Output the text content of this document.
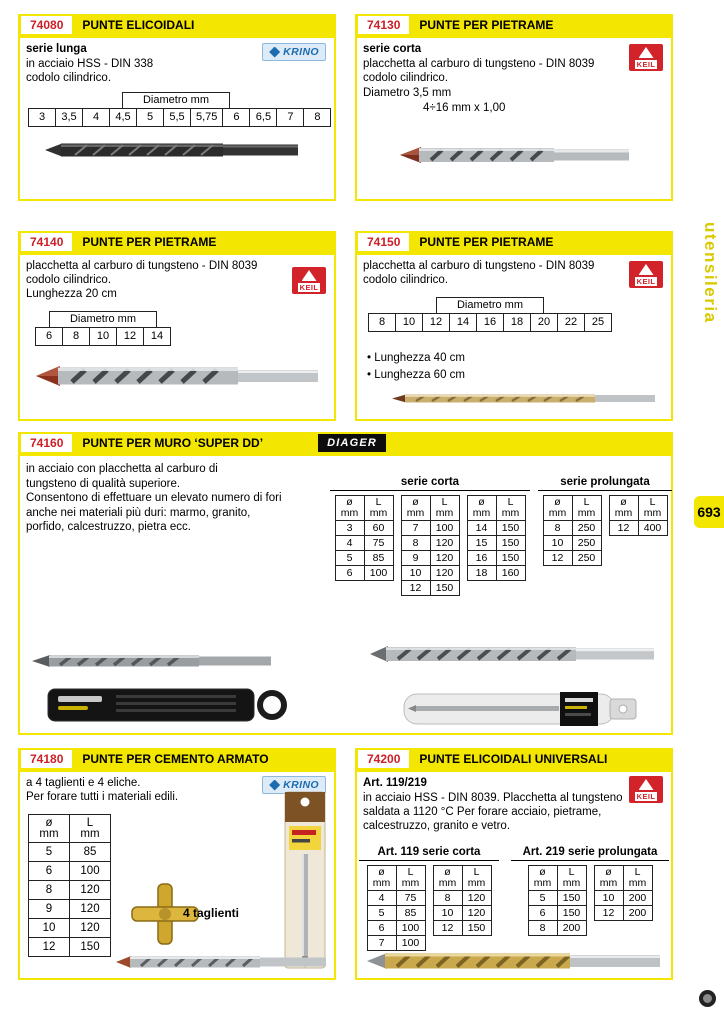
74080	PUNTE ELICOIDALI
serie lunga
in acciaio HSS - DIN 338
codolo cilindrico.
KRINO
Diametro mm
3	3,5	4	4,5	5	5,5	5,75	6	6,5	7	8
74130	PUNTE PER PIETRAME
serie corta
placchetta al carburo di tungsteno - DIN 8039
codolo cilindrico.
Diametro 3,5 mm
4÷16 mm x 1,00
KEIL
74140	PUNTE PER PIETRAME
placchetta al carburo di tungsteno - DIN 8039
codolo cilindrico.
Lunghezza 20 cm
KEIL
Diametro mm
6	8	10	12	14
74150	PUNTE PER PIETRAME
placchetta al carburo di tungsteno - DIN 8039
codolo cilindrico.	KEIL
Diametro mm
8	10	12	14	16	18	20	22	25
• Lunghezza 40 cm
• Lunghezza 60 cm
74160	PUNTE PER MURO ‘SUPER DD’	DIAGER
in acciaio con placchetta al carburo di
tungsteno di qualità superiore.
Consentono di effettuare un elevato numero di fori
anche nei materiali più duri: marmo, granito,
porfido, calcestruzzo, pietra ecc.
serie corta
ø
mm

L
mm

3	60
4	75
5	85
6	100
ø
mm

L
mm

7	100
8	120
9	120
10	120
12	150
ø
mm

L
mm

14	150
15	150
16	150
18	160
serie prolungata
ø
mm

L
mm

8	250
10	250
12	250
ø
mm

L
mm

12	400
74180	PUNTE PER CEMENTO ARMATO
a 4 taglienti e 4 eliche.
Per forare tutti i materiali edili.
KRINO
ø
mm

L
mm

5	85
6	100
8	120
9	120
10	120
12	150
4 taglienti
74200	PUNTE ELICOIDALI UNIVERSALI
Art. 119/219
in acciaio HSS - DIN 8039. Placchetta al tungsteno
saldata a 1120 °C Per forare acciaio, pietrame,
calcestruzzo, granito e vetro.
KEIL
Art. 119 serie corta
ø
mm

L
mm

4	75
5	85
6	100
7	100
ø
mm

L
mm

8	120
10	120
12	150
Art. 219 serie prolungata
ø
mm

L
mm

5	150
6	150
8	200
ø
mm

L
mm

10	200
12	200
utensileria
693
